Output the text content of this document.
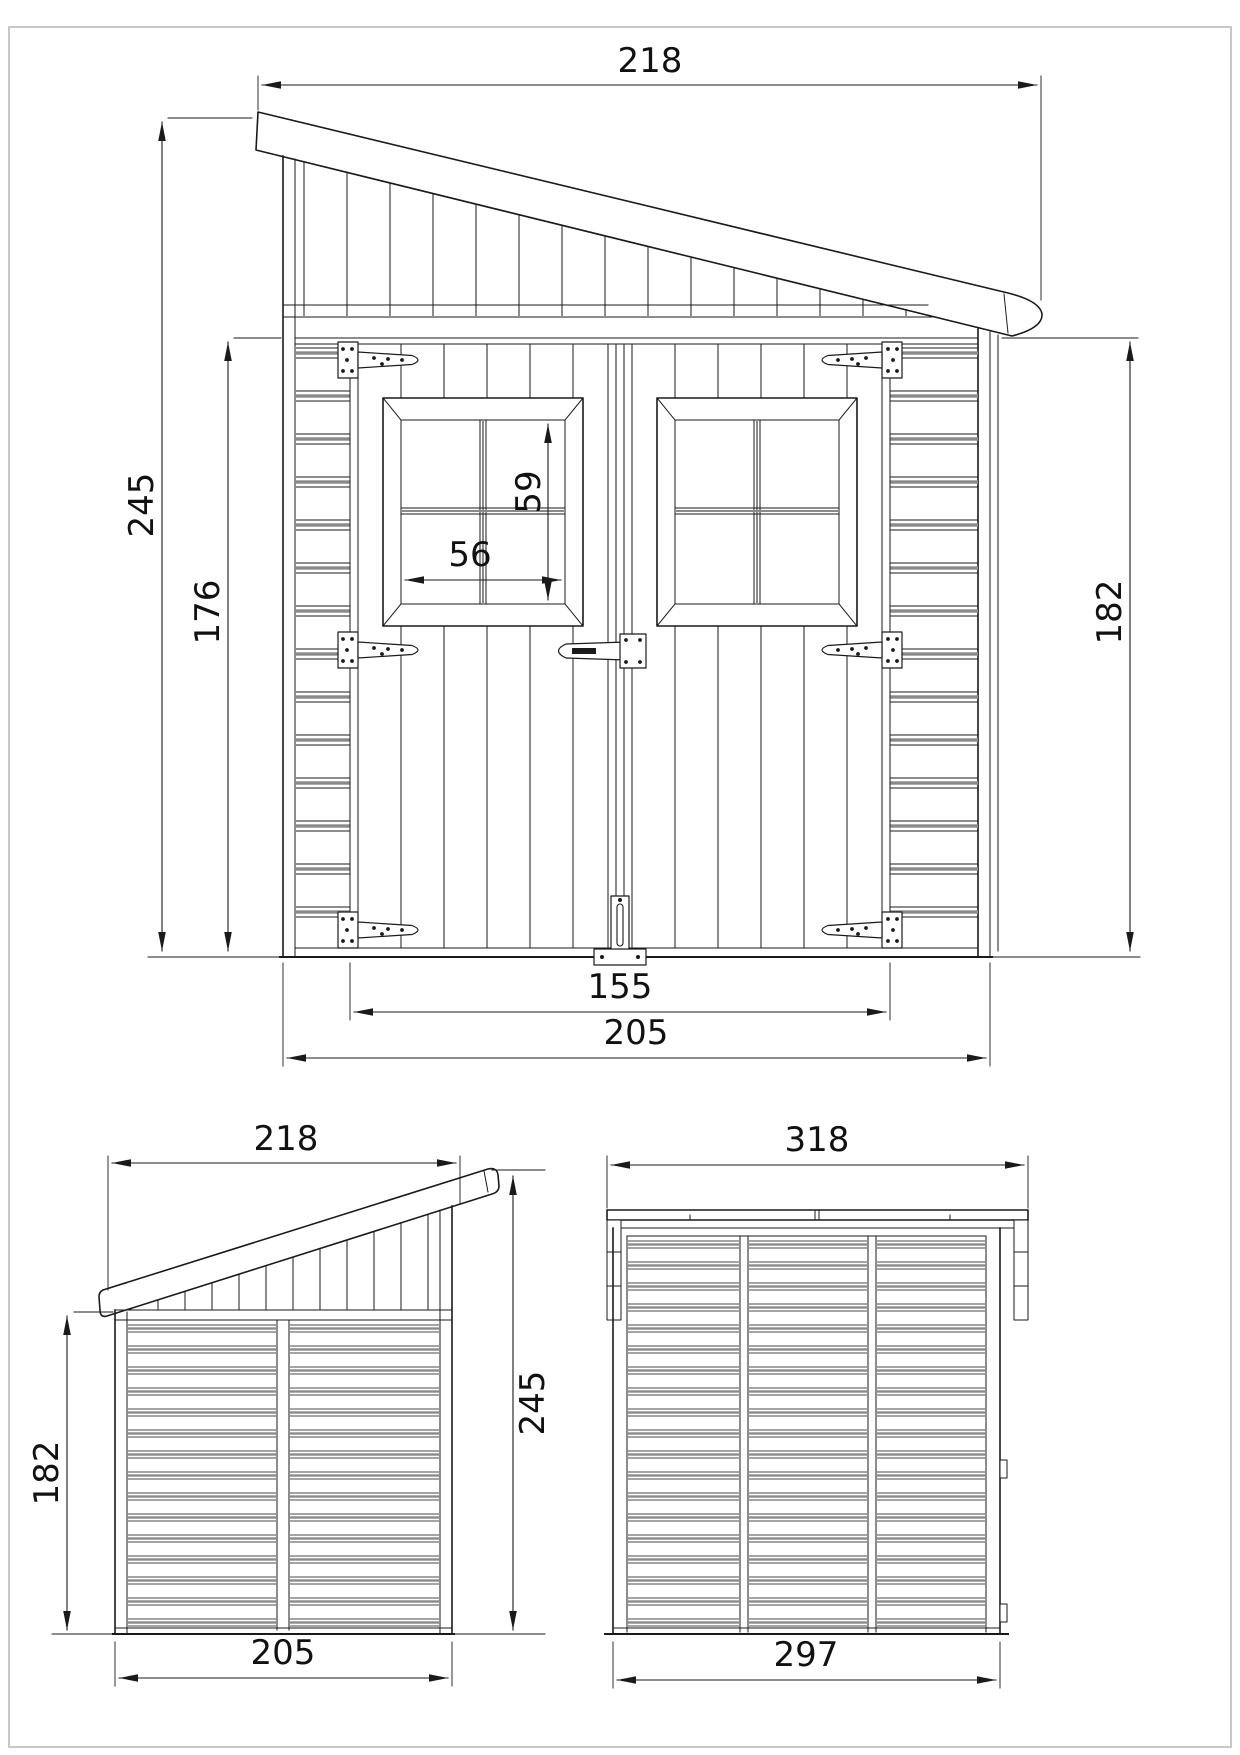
218
245
176
59
56
182
155
205
218
182
245
205
318
297
